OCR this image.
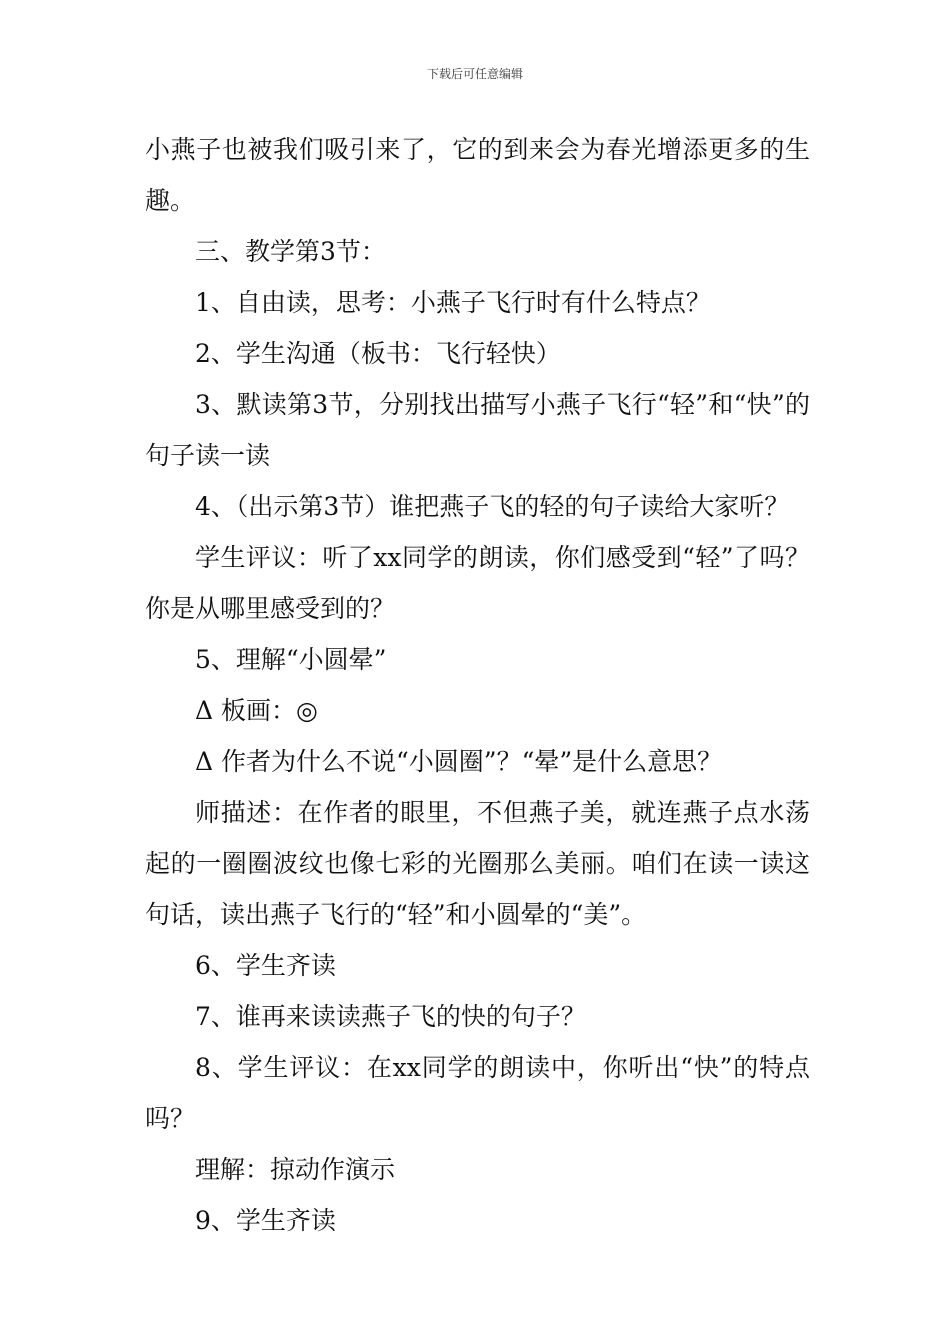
下载后可任意编辑

小燕子也被我们吸引来了，它的到来会为春光增添更多的生趣。

三、教学第3节：

1、自由读，思考：小燕子飞行时有什么特点？

2、学生沟通（板书：飞行轻快）

3、默读第3节，分别找出描写小燕子飞行“轻”和“快”的句子读一读

4、（出示第3节）谁把燕子飞的轻的句子读给大家听？

学生评议：听了xx同学的朗读，你们感受到“轻”了吗？你是从哪里感受到的？

5、理解“小圆晕”

Δ 板画：◎

Δ 作者为什么不说“小圆圈”？“晕”是什么意思？

师描述：在作者的眼里，不但燕子美，就连燕子点水荡起的一圈圈波纹也像七彩的光圈那么美丽。咱们在读一读这句话，读出燕子飞行的“轻”和小圆晕的“美”。

6、学生齐读

7、谁再来读读燕子飞的快的句子？

8、学生评议：在xx同学的朗读中，你听出“快”的特点吗？

理解：掠动作演示

9、学生齐读
